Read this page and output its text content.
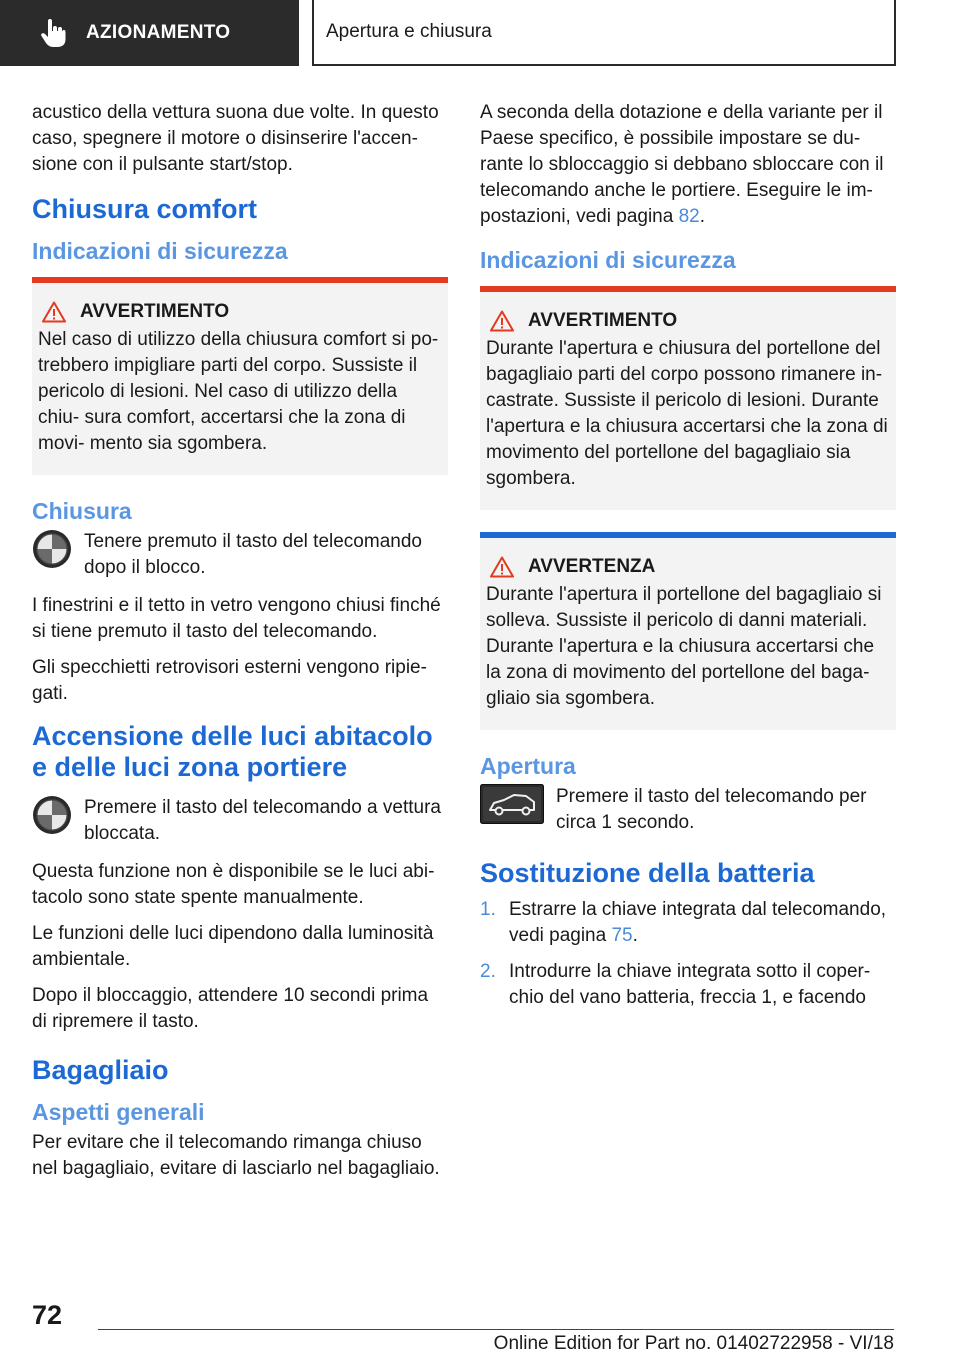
AZIONAMENTO	Apertura e chiusura

acustico della vettura suona due volte. In questo caso, spegnere il motore o disinserire l'accen- sione con il pulsante start/stop.

Chiusura comfort
Indicazioni di sicurezza
AVVERTIMENTO

Nel caso di utilizzo della chiusura comfort si po- trebbero impigliare parti del corpo. Sussiste il pericolo di lesioni. Nel caso di utilizzo della chiu- sura comfort, accertarsi che la zona di movi- mento sia sgombera.

Chiusura

Tenere premuto il tasto del telecomando dopo il blocco.

I finestrini e il tetto in vetro vengono chiusi finché si tiene premuto il tasto del telecomando.

Gli specchietti retrovisori esterni vengono ripie- gati.

Accensione delle luci abitacolo e delle luci zona portiere

Premere il tasto del telecomando a vettura bloccata.

Questa funzione non è disponibile se le luci abi- tacolo sono state spente manualmente.

Le funzioni delle luci dipendono dalla luminosità ambientale.

Dopo il bloccaggio, attendere 10 secondi prima di ripremere il tasto.

Bagagliaio
Aspetti generali

Per evitare che il telecomando rimanga chiuso nel bagagliaio, evitare di lasciarlo nel bagagliaio.

A seconda della dotazione e della variante per il Paese specifico, è possibile impostare se du- rante lo sbloccaggio si debbano sbloccare con il telecomando anche le portiere. Eseguire le im- postazioni, vedi pagina 82.

Indicazioni di sicurezza
AVVERTIMENTO

Durante l'apertura e chiusura del portellone del bagagliaio parti del corpo possono rimanere in- castrate. Sussiste il pericolo di lesioni. Durante l'apertura e la chiusura accertarsi che la zona di movimento del portellone del bagagliaio sia sgombera.

AVVERTENZA

Durante l'apertura il portellone del bagagliaio si solleva. Sussiste il pericolo di danni materiali. Durante l'apertura e la chiusura accertarsi che la zona di movimento del portellone del baga- gliaio sia sgombera.

Apertura

Premere il tasto del telecomando per circa 1 secondo.

Sostituzione della batteria
1. Estrarre la chiave integrata dal telecomando, vedi pagina 75.
2. Introdurre la chiave integrata sotto il coper- chio del vano batteria, freccia 1, e facendo
72
Online Edition for Part no. 01402722958 - VI/18
